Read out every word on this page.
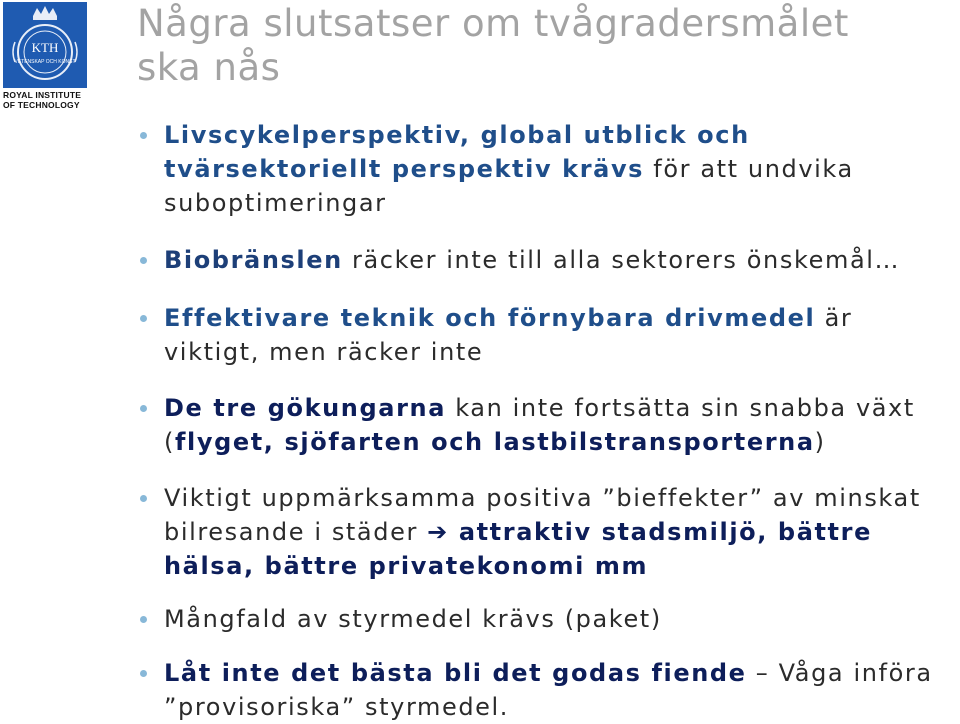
KTH
VETENSKAP OCH KONST
ROYAL INSTITUTE
OF TECHNOLOGY
Några slutsatser om tvågradersmålet
ska nås
Livscykelperspektiv, global utblick och
tvärsektoriellt perspektiv krävs för att undvika
suboptimeringar
Biobränslen räcker inte till alla sektorers önskemål…
Effektivare teknik och förnybara drivmedel är
viktigt, men räcker inte
De tre gökungarna kan inte fortsätta sin snabba växt
(flyget, sjöfarten och lastbilstransporterna)
Viktigt uppmärksamma positiva ”bieffekter” av minskat
bilresande i städer ➔ attraktiv stadsmiljö, bättre
hälsa, bättre privatekonomi mm
Mångfald av styrmedel krävs (paket)
Låt inte det bästa bli det godas fiende – Våga införa
”provisoriska” styrmedel.
